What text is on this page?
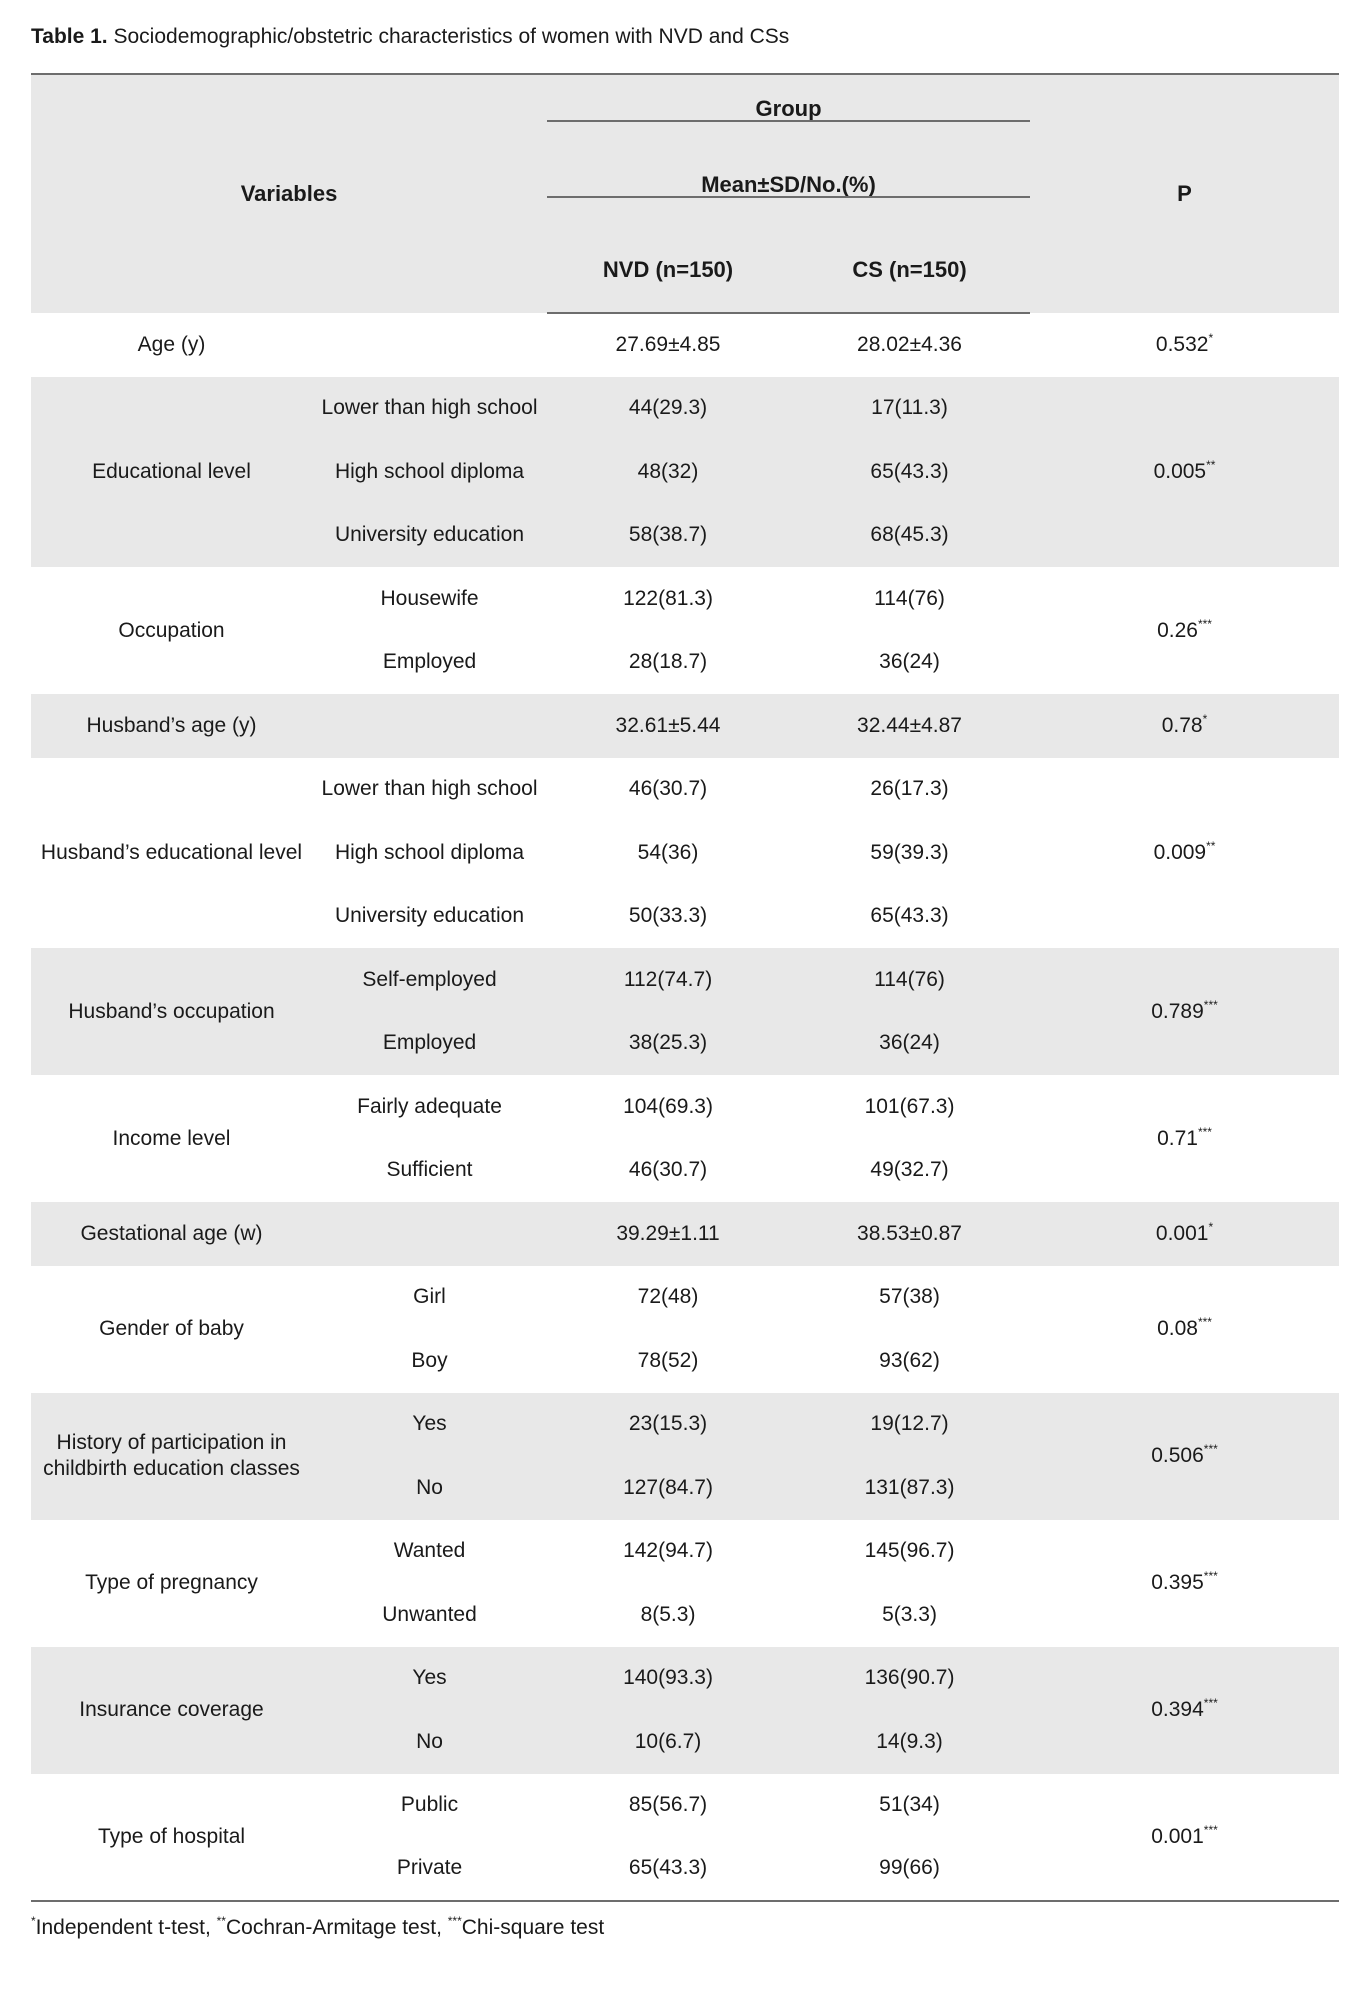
Table 1. Sociodemographic/obstetric characteristics of women with NVD and CSs
Variables		Group		P

		Mean±SD/No.(%)		

		NVD (n=150)	CS (n=150)	
Age (y)		27.69±4.85	28.02±4.36	0.532*
Educational level	Lower than high school	44(29.3)	17(11.3)	0.005**
	High school diploma	48(32)	65(43.3)	
	University education	58(38.7)	68(45.3)	
Occupation	Housewife	122(81.3)	114(76)	0.26***
	Employed	28(18.7)	36(24)	
Husband’s age (y)		32.61±5.44	32.44±4.87	0.78*
Husband’s educational level	Lower than high school	46(30.7)	26(17.3)	0.009**
	High school diploma	54(36)	59(39.3)	
	University education	50(33.3)	65(43.3)	
Husband’s occupation	Self-employed	112(74.7)	114(76)	0.789***
	Employed	38(25.3)	36(24)	
Income level	Fairly adequate	104(69.3)	101(67.3)	0.71***
	Sufficient	46(30.7)	49(32.7)	
Gestational age (w)		39.29±1.11	38.53±0.87	0.001*
Gender of baby	Girl	72(48)	57(38)	0.08***
	Boy	78(52)	93(62)	

History of participation in
childbirth education classes	Yes	23(15.3)	19(12.7)	0.506***
	No	127(84.7)	131(87.3)	
Type of pregnancy	Wanted	142(94.7)	145(96.7)	0.395***
	Unwanted	8(5.3)	5(3.3)	
Insurance coverage	Yes	140(93.3)	136(90.7)	0.394***
	No	10(6.7)	14(9.3)	
Type of hospital	Public	85(56.7)	51(34)	0.001***
	Private	65(43.3)	99(66)	
*Independent t-test, **Cochran-Armitage test, ***Chi-square test
